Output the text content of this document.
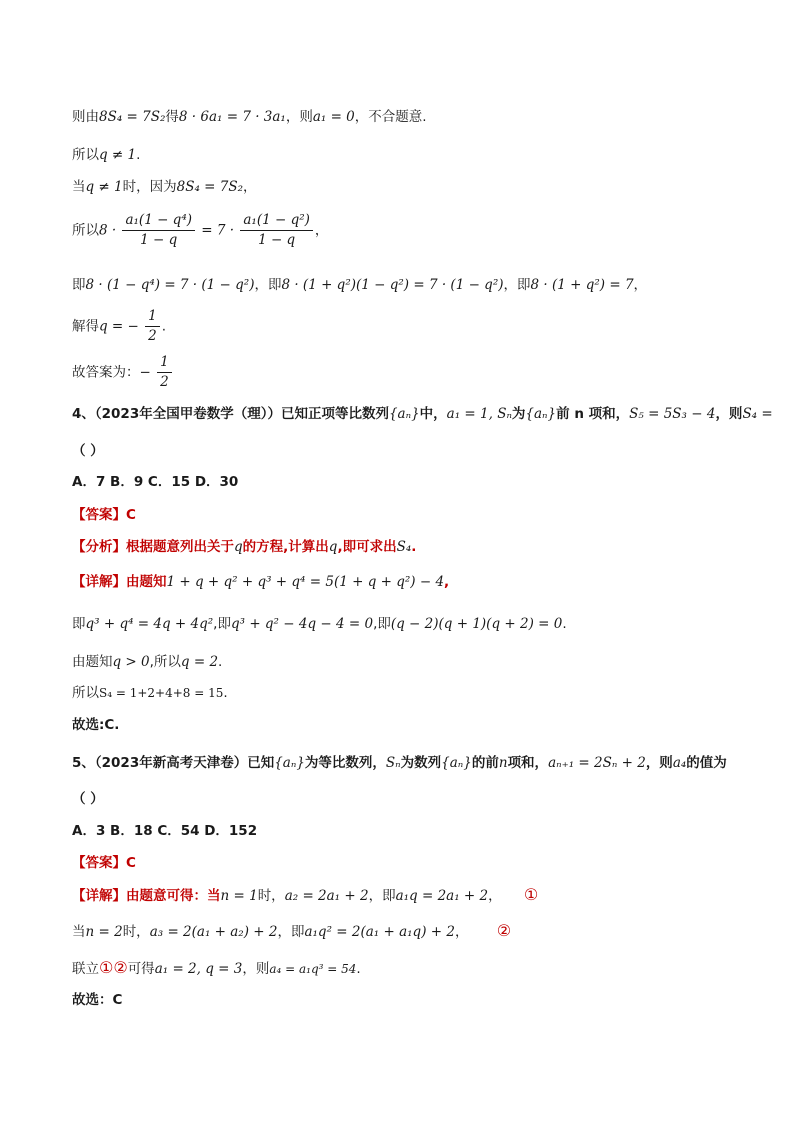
则由8S₄ = 7S₂得8 · 6a₁ = 7 · 3a₁，则a₁ = 0，不合题意.
所以q ≠ 1.
当q ≠ 1时，因为8S₄ = 7S₂，
所以$8 \cdot \frac{\text{a₁(1 − q⁴)}}{1 - q} = 7 \cdot \frac{\text{a₁(1 − q²)}}{1 - q}$ ，
即8 · (1 − q⁴) = 7 · (1 − q²)，即8 · (1 + q²)(1 − q²) = 7 · (1 − q²)，即8 · (1 + q²) = 7，
解得q = − $\frac{1}{2}$ .
故答案为：− $\frac{1}{2}$
4、（2023年全国甲卷数学（理））已知正项等比数列{aₙ}中，a₁ = 1, Sₙ为{aₙ}前 n 项和，S₅ = 5S₃ − 4，则S₄ =
（ ）
A．7 B．9 C．15 D．30
【答案】C
【分析】根据题意列出关于q的方程,计算出q,即可求出S₄.
【详解】由题知1 + q + q² + q³ + q⁴ = 5(1 + q + q²) − 4,
即q³ + q⁴ = 4q + 4q²,即q³ + q² − 4q − 4 = 0,即(q − 2)(q + 1)(q + 2) = 0.
由题知q > 0,所以q = 2.
所以S₄ = 1+2+4+8 = 15.
故选:C.
5、（2023年新高考天津卷）已知{aₙ}为等比数列，Sₙ为数列{aₙ}的前n项和，aₙ₊₁ = 2Sₙ + 2，则a₄的值为
（ ）
A．3 B．18 C．54 D．152
【答案】C
【详解】由题意可得：当n = 1时，a₂ = 2a₁ + 2，即a₁q = 2a₁ + 2， ①
当n = 2时，a₃ = 2(a₁ + a₂) + 2，即a₁q² = 2(a₁ + a₁q) + 2， ②
联立①②可得a₁ = 2, q = 3，则a₄ = a₁q³ = 54.
故选：C
